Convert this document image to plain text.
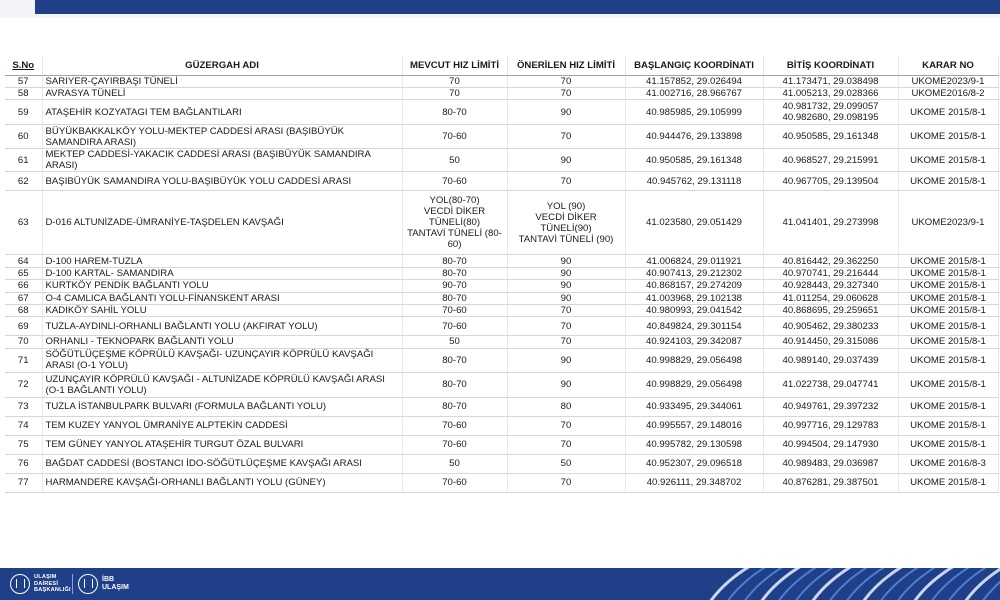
S.No	GÜZERGAH ADI	MEVCUT HIZ LİMİTİ	ÖNERİLEN HIZ LİMİTİ	BAŞLANGIÇ KOORDİNATI	BİTİŞ KOORDİNATI	KARAR NO
57	SARIYER-ÇAYIRBAŞI TÜNELİ	70	70	41.157852, 29.026494	41.173471, 29.038498	UKOME2023/9-1
58	AVRASYA TÜNELİ	70	70	41.002716, 28.966767	41.005213, 29.028366	UKOME2016/8-2
59	ATAŞEHİR KOZYATAGI TEM BAĞLANTILARI	80-70	90	40.985985, 29.105999	40.981732, 29.099057
40.982680, 29.098195	UKOME 2015/8-1
60	BÜYÜKBAKKALKÖY YOLU-MEKTEP CADDESİ ARASI (BAŞIBÜYÜK SAMANDIRA ARASI)	70-60	70	40.944476, 29.133898	40.950585, 29.161348	UKOME 2015/8-1
61	MEKTEP CADDESİ-YAKACIK CADDESİ ARASI (BAŞIBÜYÜK SAMANDIRA ARASI)	50	90	40.950585, 29.161348	40.968527, 29.215991	UKOME 2015/8-1
62	BAŞIBÜYÜK SAMANDIRA YOLU-BAŞIBÜYÜK YOLU CADDESİ ARASI	70-60	70	40.945762, 29.131118	40.967705, 29.139504	UKOME 2015/8-1
63	D-016 ALTUNİZADE-ÜMRANİYE-TAŞDELEN KAVŞAĞI	YOL(80-70)
VECDİ DİKER TÜNELİ(80)
TANTAVİ TÜNELİ (80-60)	YOL (90)
VECDİ DİKER TÜNELİ(90)
TANTAVİ TÜNELİ (90)	41.023580, 29.051429	41.041401, 29.273998	UKOME2023/9-1
64	D-100 HAREM-TUZLA	80-70	90	41.006824, 29.011921	40.816442, 29.362250	UKOME 2015/8-1
65	D-100 KARTAL- SAMANDIRA	80-70	90	40.907413, 29.212302	40.970741, 29.216444	UKOME 2015/8-1
66	KURTKÖY PENDİK BAĞLANTI YOLU	90-70	90	40.868157, 29.274209	40.928443, 29.327340	UKOME 2015/8-1
67	O-4 CAMLICA BAĞLANTI YOLU-FİNANSKENT ARASI	80-70	90	41.003968, 29.102138	41.011254, 29.060628	UKOME 2015/8-1
68	KADIKÖY SAHİL YOLU	70-60	70	40.980993, 29.041542	40.868695, 29.259651	UKOME 2015/8-1
69	TUZLA-AYDINLI-ORHANLI BAĞLANTI YOLU (AKFIRAT YOLU)	70-60	70	40.849824, 29.301154	40.905462, 29.380233	UKOME 2015/8-1
70	ORHANLI - TEKNOPARK BAĞLANTI YOLU	50	70	40.924103, 29.342087	40.914450, 29.315086	UKOME 2015/8-1
71	SÖĞÜTLÜÇEŞME KÖPRÜLÜ KAVŞAĞI- UZUNÇAYIR KÖPRÜLÜ KAVŞAĞI ARASI (O-1 YOLU)	80-70	90	40.998829, 29.056498	40.989140, 29.037439	UKOME 2015/8-1
72	UZUNÇAYIR KÖPRÜLÜ KAVŞAĞI - ALTUNİZADE KÖPRÜLÜ KAVŞAĞI ARASI (O-1 BAĞLANTI YOLU)	80-70	90	40.998829, 29.056498	41.022738, 29.047741	UKOME 2015/8-1
73	TUZLA İSTANBULPARK BULVARI (FORMULA BAĞLANTI YOLU)	80-70	80	40.933495, 29.344061	40.949761, 29.397232	UKOME 2015/8-1
74	TEM KUZEY YANYOL ÜMRANİYE ALPTEKİN CADDESİ	70-60	70	40.995557, 29.148016	40.997716, 29.129783	UKOME 2015/8-1
75	TEM GÜNEY YANYOL ATAŞEHİR TURGUT ÖZAL BULVARI	70-60	70	40.995782, 29.130598	40.994504, 29.147930	UKOME 2015/8-1
76	BAĞDAT CADDESİ (BOSTANCI İDO-SÖĞÜTLÜÇEŞME KAVŞAĞI ARASI	50	50	40.952307, 29.096518	40.989483, 29.036987	UKOME 2016/8-3
77	HARMANDERE KAVŞAĞI-ORHANLI BAĞLANTI YOLU (GÜNEY)	70-60	70	40.926111, 29.348702	40.876281, 29.387501	UKOME 2015/8-1
ULAŞIM
DAİRESİ
BAŞKANLIĞI
İBB
ULAŞIM
